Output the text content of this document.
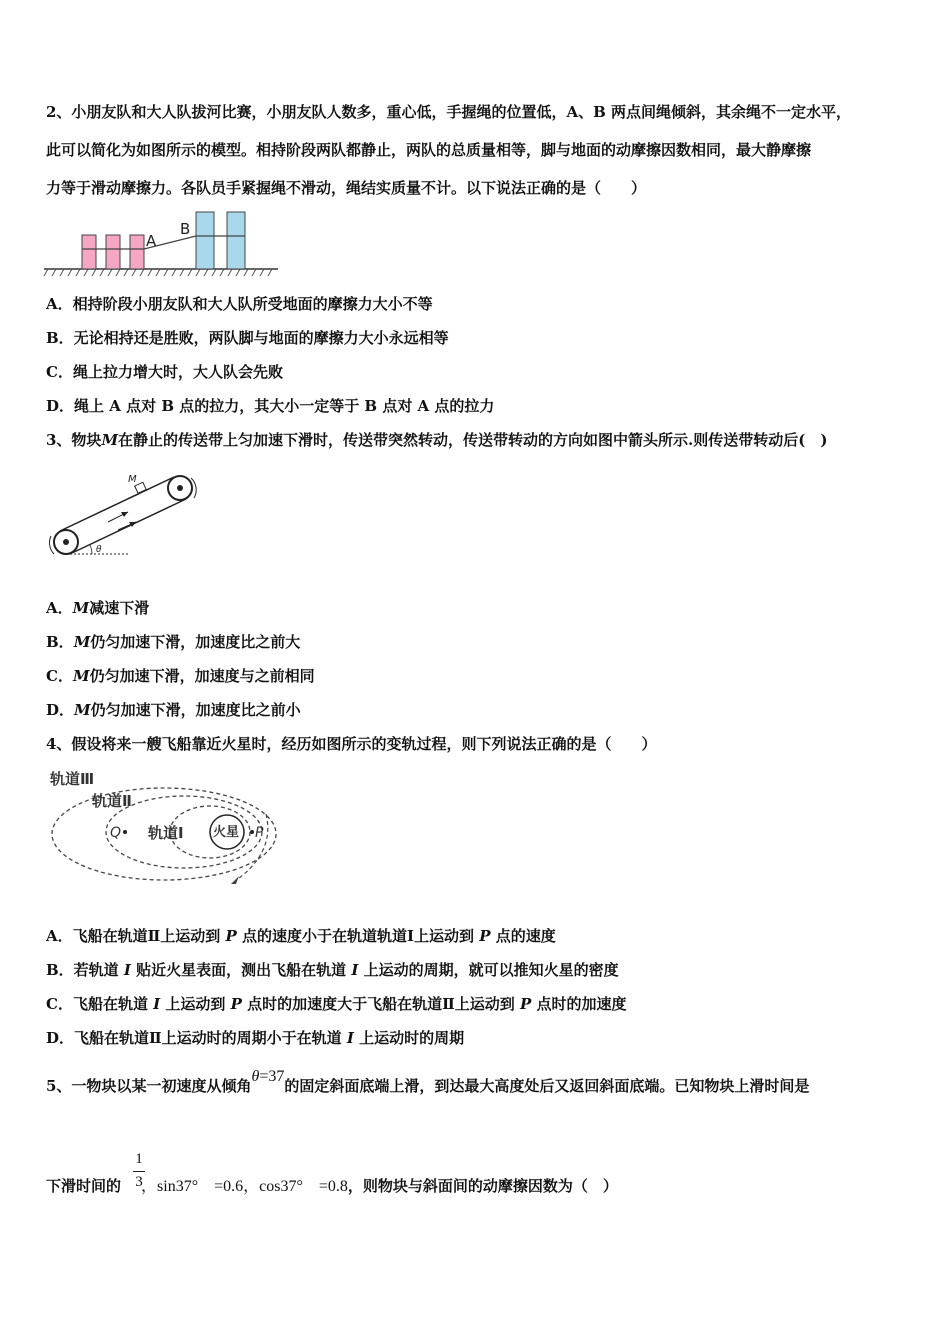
2、小朋友队和大人队拔河比赛，小朋友队人数多，重心低，手握绳的位置低，A、B 两点间绳倾斜，其余绳不一定水平，
此可以简化为如图所示的模型。相持阶段两队都静止，两队的总质量相等，脚与地面的动摩擦因数相同，最大静摩擦
力等于滑动摩擦力。各队员手紧握绳不滑动，绳结实质量不计。以下说法正确的是（　　）
A
B
A．相持阶段小朋友队和大人队所受地面的摩擦力大小不等
B．无论相持还是胜败，两队脚与地面的摩擦力大小永远相等
C．绳上拉力增大时，大人队会先败
D．绳上 A 点对 B 点的拉力，其大小一定等于 B 点对 A 点的拉力
3、物块M在静止的传送带上匀加速下滑时，传送带突然转动，传送带转动的方向如图中箭头所示.则传送带转动后(　)
M
θ
A．M减速下滑
B．M仍匀加速下滑，加速度比之前大
C．M仍匀加速下滑，加速度与之前相同
D．M仍匀加速下滑，加速度比之前小
4、假设将来一艘飞船靠近火星时，经历如图所示的变轨过程，则下列说法正确的是（　　）
轨道Ⅲ
轨道Ⅱ
轨道Ⅰ 火星
Q	P
A．飞船在轨道Ⅱ上运动到 P 点的速度小于在轨道轨道Ⅰ上运动到 P 点的速度
B．若轨道 I 贴近火星表面，测出飞船在轨道 I 上运动的周期，就可以推知火星的密度
C．飞船在轨道 I 上运动到 P 点时的加速度大于飞船在轨道Ⅱ上运动到 P 点时的加速度
D．飞船在轨道Ⅱ上运动时的周期小于在轨道 I 上运动时的周期
5、一物块以某一初速度从倾角θ=37的固定斜面底端上滑，到达最大高度处后又返回斜面底端。已知物块上滑时间是
1
3
下滑时间的 ，sin37°　=0.6，cos37°　=0.8，则物块与斜面间的动摩擦因数为（　）
